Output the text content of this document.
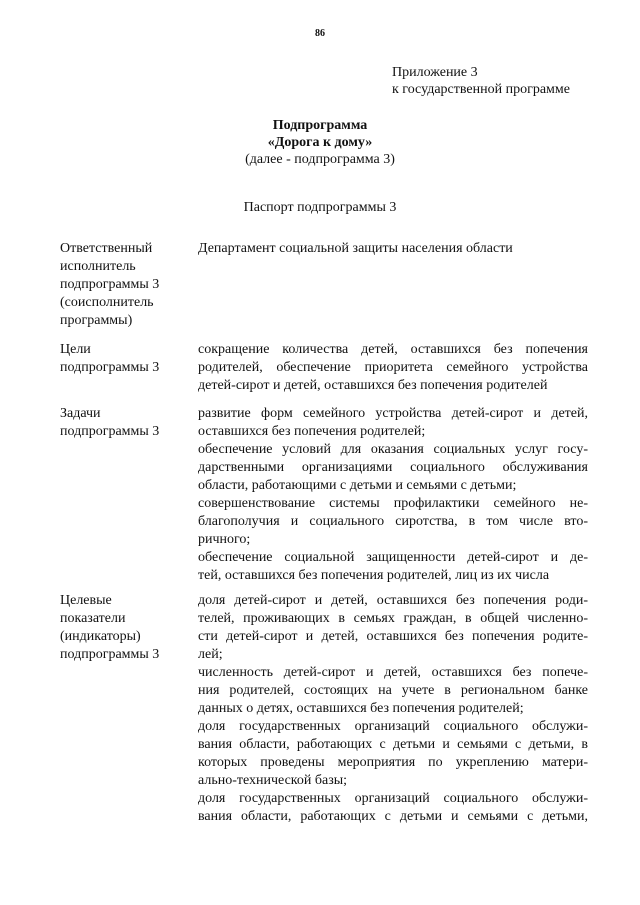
86
Приложение 3
к государственной программе
Подпрограмма
«Дорога к дому»
(далее - подпрограмма 3)
Паспорт подпрограммы 3
Ответственный
исполнитель
подпрограммы 3
(соисполнитель
программы)
Департамент социальной защиты населения области
Цели
подпрограммы 3
сокращение количества детей, оставшихся без попечения
родителей, обеспечение приоритета семейного устройства
детей-сирот и детей, оставшихся без попечения родителей
Задачи
подпрограммы 3
развитие форм семейного устройства детей-сирот и детей,
оставшихся без попечения родителей;
обеспечение условий для оказания социальных услуг госу-
дарственными организациями социального обслуживания
области, работающими с детьми и семьями с детьми;
совершенствование системы профилактики семейного не-
благополучия и социального сиротства, в том числе вто-
ричного;
обеспечение социальной защищенности детей-сирот и де-
тей, оставшихся без попечения родителей, лиц из их числа
Целевые
показатели
(индикаторы)
подпрограммы 3
доля детей-сирот и детей, оставшихся без попечения роди-
телей, проживающих в семьях граждан, в общей численно-
сти детей-сирот и детей, оставшихся без попечения родите-
лей;
численность детей-сирот и детей, оставшихся без попече-
ния родителей, состоящих на учете в региональном банке
данных о детях, оставшихся без попечения родителей;
доля государственных организаций социального обслужи-
вания области, работающих с детьми и семьями с детьми, в
которых проведены мероприятия по укреплению матери-
ально-технической базы;
доля государственных организаций социального обслужи-
вания области, работающих с детьми и семьями с детьми,
